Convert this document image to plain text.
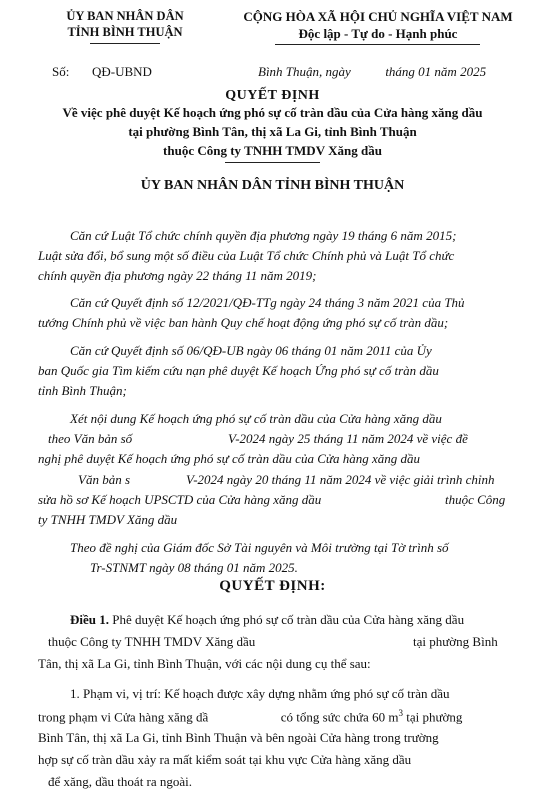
ỦY BAN NHÂN DÂN
TỈNH BÌNH THUẬN
CỘNG HÒA XÃ HỘI CHỦ NGHĨA VIỆT NAM
Độc lập - Tự do - Hạnh phúc
Số: QĐ-UBND	Bình Thuận, ngày	tháng 01 năm 2025
QUYẾT ĐỊNH
Về việc phê duyệt Kế hoạch ứng phó sự cố tràn dầu của Cửa hàng xăng dầu
tại phường Bình Tân, thị xã La Gi, tỉnh Bình Thuận
thuộc Công ty TNHH TMDV Xăng dầu
ỦY BAN NHÂN DÂN TỈNH BÌNH THUẬN
Căn cứ Luật Tổ chức chính quyền địa phương ngày 19 tháng 6 năm 2015;
Luật sửa đổi, bổ sung một số điều của Luật Tổ chức Chính phủ và Luật Tổ chức
chính quyền địa phương ngày 22 tháng 11 năm 2019;
Căn cứ Quyết định số 12/2021/QĐ-TTg ngày 24 tháng 3 năm 2021 của Thủ
tướng Chính phủ về việc ban hành Quy chế hoạt động ứng phó sự cố tràn dầu;
Căn cứ Quyết định số 06/QĐ-UB ngày 06 tháng 01 năm 2011 của Ủy
ban Quốc gia Tìm kiếm cứu nạn phê duyệt Kế hoạch Ứng phó sự cố tràn dầu
tỉnh Bình Thuận;
Xét nội dung Kế hoạch ứng phó sự cố tràn dầu của Cửa hàng xăng dầu
theo Văn bản số	V-2024 ngày 25 tháng 11 năm 2024 về việc đề
nghị phê duyệt Kế hoạch ứng phó sự cố tràn dầu của Cửa hàng xăng dầu
Văn bản s	V-2024 ngày 20 tháng 11 năm 2024 về việc giải trình chỉnh
sửa hồ sơ Kế hoạch UPSCTD của Cửa hàng xăng dầu	thuộc Công
ty TNHH TMDV Xăng dầu
Theo đề nghị của Giám đốc Sở Tài nguyên và Môi trường tại Tờ trình số
Tr-STNMT ngày 08 tháng 01 năm 2025.
QUYẾT ĐỊNH:
Điều 1. Phê duyệt Kế hoạch ứng phó sự cố tràn dầu của Cửa hàng xăng dầu
thuộc Công ty TNHH TMDV Xăng dầu	tại phường Bình
Tân, thị xã La Gi, tỉnh Bình Thuận, với các nội dung cụ thể sau:
1. Phạm vi, vị trí: Kế hoạch được xây dựng nhằm ứng phó sự cố tràn dầu
trong phạm vi Cửa hàng xăng dầ	có tổng sức chứa 60 $m^3$ tại phường
Bình Tân, thị xã La Gi, tỉnh Bình Thuận và bên ngoài Cửa hàng trong trường
hợp sự cố tràn dầu xảy ra mất kiểm soát tại khu vực Cửa hàng xăng dầu
để xăng, dầu thoát ra ngoài.
